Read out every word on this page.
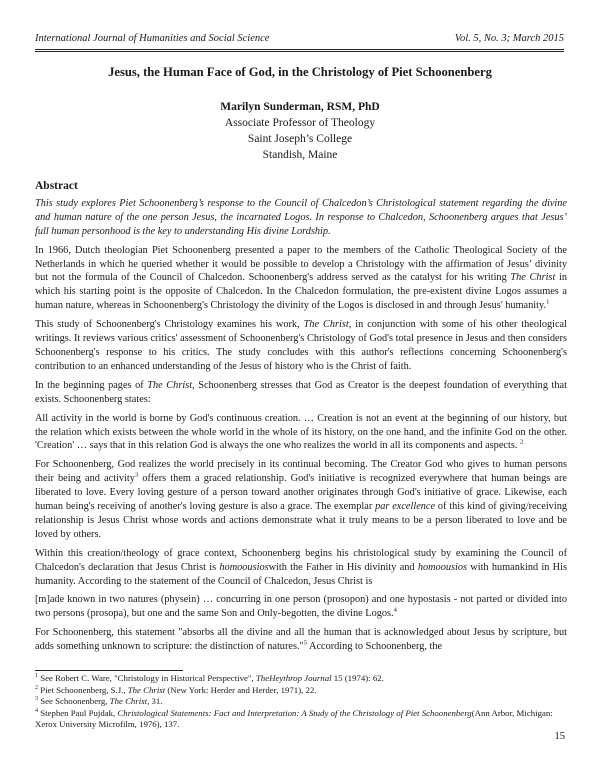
International Journal of Humanities and Social Science	Vol. 5, No. 3; March 2015
Jesus, the Human Face of God, in the Christology of Piet Schoonenberg
Marilyn Sunderman, RSM, PhD
Associate Professor of Theology
Saint Joseph’s College
Standish, Maine
Abstract

This study explores Piet Schoonenberg’s response to the Council of Chalcedon’s Christological statement regarding the divine and human nature of the one person Jesus, the incarnated Logos. In response to Chalcedon, Schoonenberg argues that Jesus’ full human personhood is the key to understanding His divine Lordship.

In 1966, Dutch theologian Piet Schoonenberg presented a paper to the members of the Catholic Theological Society of the Netherlands in which he queried whether it would be possible to develop a Christology with the affirmation of Jesus’ divinity but not the formula of the Council of Chalcedon. Schoonenberg's address served as the catalyst for his writing The Christ in which his starting point is the opposite of Chalcedon. In the Chalcedon formulation, the pre-existent divine Logos assumes a human nature, whereas in Schoonenberg's Christology the divinity of the Logos is disclosed in and through Jesus' humanity.$^1$

This study of Schoonenberg's Christology examines his work, The Christ, in conjunction with some of his other theological writings. It reviews various critics' assessment of Schoonenberg's Christology of God's total presence in Jesus and then considers Schoonenberg's response to his critics. The study concludes with this author's reflections concerning Schoonenberg's contribution to an enhanced understanding of the Jesus of history who is the Christ of faith.

In the beginning pages of The Christ, Schoonenberg stresses that God as Creator is the deepest foundation of everything that exists. Schoonenberg states:

All activity in the world is borne by God's continuous creation. … Creation is not an event at the beginning of our history, but the relation which exists between the whole world in the whole of its history, on the one hand, and the infinite God on the other. 'Creation' … says that in this relation God is always the one who realizes the world in all its components and aspects. $^2$

For Schoonenberg, God realizes the world precisely in its continual becoming. The Creator God who gives to human persons their being and activity$^3$ offers them a graced relationship. God's initiative is recognized everywhere that human beings are liberated to love. Every loving gesture of a person toward another originates through God's initiative of grace. Likewise, each human being's receiving of another's loving gesture is also a grace. The exemplar par excellence of this kind of giving/receiving relationship is Jesus Christ whose words and actions demonstrate what it truly means to be a person liberated to love and be loved by others.

Within this creation/theology of grace context, Schoonenberg begins his christological study by examining the Council of Chalcedon's declaration that Jesus Christ is homoousioswith the Father in His divinity and homoousios with humankind in His humanity. According to the statement of the Council of Chalcedon, Jesus Christ is

[m]ade known in two natures (physein) … concurring in one person (prosopon) and one hypostasis - not parted or divided into two persons (prosopa), but one and the same Son and Only-begotten, the divine Logos.$^4$

For Schoonenberg, this statement "absorbs all the divine and all the human that is acknowledged about Jesus by scripture, but adds something unknown to scripture: the distinction of natures."$^5$ According to Schoonenberg, the

$^1$ See Robert C. Ware, "Christology in Historical Perspective", TheHeythrop Journal 15 (1974): 62.
$^2$ Piet Schoonenberg, S.J., The Christ (New York: Herder and Herder, 1971), 22.
$^3$ See Schoonenberg, The Christ, 31.
$^4$ Stephen Paul Pujdak, Christological Statements: Fact and Interpretation: A Study of the Christology of Piet Schoonenberg(Ann Arbor, Michigan: Xerox University Microfilm, 1976), 137.
15
